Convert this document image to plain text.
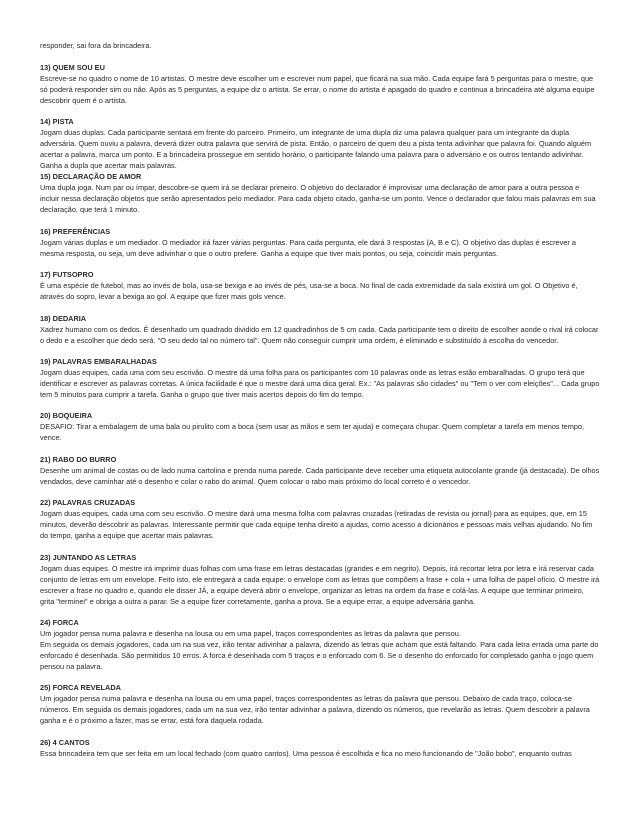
responder, sai fora da brincadeira.

13) QUEM SOU EU

Escreve-se no quadro o nome de 10 artistas. O mestre deve escolher um e escrever num papel, que ficará na sua mão. Cada equipe fará 5 perguntas para o mestre, que só poderá responder sim ou não. Após as 5 perguntas, a equipe diz o artista. Se errar, o nome do artista é apagado do quadro e continua a brincadeira até alguma equipe descobrir quem é o artista.

14) PISTA

Jogam duas duplas. Cada participante sentará em frente do parceiro. Primeiro, um integrante de uma dupla diz uma palavra qualquer para um integrante da dupla adversária. Quem ouviu a palavra, deverá dizer outra palavra que servirá de pista. Então, o parceiro de quem deu a pista tenta adivinhar que palavra foi. Quando alguém acertar a palavra, marca um ponto. E a brincadeira prossegue em sentido horário, o participante falando uma palavra para o adversário e os outros tentando adivinhar. Ganha a dupla que acertar mais palavras.

15) DECLARAÇÃO DE AMOR

Uma dupla joga. Num par ou ímpar, descobre-se quem irá se declarar primeiro. O objetivo do declarador é improvisar uma declaração de amor para a outra pessoa e incluir nessa declaração objetos que serão apresentados pelo mediador. Para cada objeto citado, ganha-se um ponto. Vence o declarador que falou mais palavras em sua declaração, que terá 1 minuto.

16) PREFERÊNCIAS

Jogam várias duplas e um mediador. O mediador irá fazer várias perguntas. Para cada pergunta, ele dará 3 respostas (A, B e C). O objetivo das duplas é escrever a mesma resposta, ou seja, um deve adivinhar o que o outro prefere. Ganha a equipe que tiver mais pontos, ou seja, coincidir mais perguntas.

17) FUTSOPRO

É uma espécie de futebol, mas ao invés de bola, usa-se bexiga e ao invés de pés, usa-se a boca. No final de cada extremidade da sala existirá um gol. O Objetivo é, através do sopro, levar a bexiga ao gol. A equipe que fizer mais gols vence.

18) DEDARIA

Xadrez humano com os dedos. É desenhado um quadrado dividido em 12 quadradinhos de 5 cm cada. Cada participante tem o direito de escolher aonde o rival irá colocar o dedo e a escolher que dedo será. "O seu dedo tal no número tal". Quem não conseguir cumprir uma ordem, é eliminado e substituído à escolha do vencedor.

19) PALAVRAS EMBARALHADAS

Jogam duas equipes, cada uma com seu escrivão. O mestre dá uma folha para os participantes com 10 palavras onde as letras estão embaralhadas. O grupo terá que identificar e escrever as palavras corretas. A única facilidade é que o mestre dará uma dica geral. Ex.: "As palavras são cidades" ou "Tem o ver com eleições"... Cada grupo tem 5 minutos para cumprir a tarefa. Ganha o grupo que tiver mais acertos depois do fim do tempo.

20) BOQUEIRA

DESAFIO: Tirar a embalagem de uma bala ou pirulito com a boca (sem usar as mãos e sem ter ajuda) e começara chupar. Quem completar a tarefa em menos tempo, vence.

21) RABO DO BURRO

Desenhe um animal de costas ou de lado numa cartolina e prenda numa parede. Cada participante deve receber uma etiqueta autocolante grande (já destacada). De olhos vendados, deve caminhar até o desenho e colar o rabo do animal. Quem colocar o rabo mais próximo do local correto é o vencedor.

22) PALAVRAS CRUZADAS

Jogam duas equipes, cada uma com seu escrivão. O mestre dará uma mesma folha com palavras cruzadas (retiradas de revista ou jornal) para as equipes, que, em 15 minutos, deverão descobrir as palavras. Interessante permitir que cada equipe tenha direito a ajudas, como acesso a dicionários e pessoas mais velhas ajudando. No fim do tempo, ganha a equipe que acertar mais palavras.

23) JUNTANDO AS LETRAS

Jogam duas equipes. O mestre irá imprimir duas folhas com uma frase em letras destacadas (grandes e em negrito). Depois, irá recortar letra por letra e irá reservar cada conjunto de letras em um envelope. Feito isto, ele entregará a cada equipe: o envelope com as letras que compõem a frase + cola + uma folha de papel ofício. O mestre irá escrever a frase no quadro e, quando ele disser JÁ, a equipe deverá abrir o envelope, organizar as letras na ordem da frase e colá-las. A equipe que terminar primeiro, grita "terminei" e obriga a outra a parar. Se a equipe fizer corretamente, ganha a prova. Se a equipe errar, a equipe adversária ganha.

24) FORCA

Um jogador pensa numa palavra e desenha na lousa ou em uma papel, traços correspondentes as letras da palavra que pensou.

Em seguida os demais jogadores, cada um na sua vez, irão tentar adivinhar a palavra, dizendo as letras que acham que está faltando. Para cada letra errada uma parte do enforcado é desenhada. São permitidos 10 erros. A forca é desenhada com 5 traços e o enforcado com 6. Se o desenho do enforcado for completado ganha o jogo quem pensou na palavra.

25) FORCA REVELADA

Um jogador pensa numa palavra e desenha na lousa ou em uma papel, traços correspondentes as letras da palavra que pensou. Debaixo de cada traço, coloca-se números. Em seguida os demais jogadores, cada um na sua vez, irão tentar adivinhar a palavra, dizendo os números, que revelarão as letras. Quem descobrir a palavra ganha e é o próximo a fazer, mas se errar, está fora daquela rodada.

26) 4 CANTOS

Essa brincadeira tem que ser feita em um local fechado (com quatro cantos). Uma pessoa é escolhida e fica no meio funcionando de "João bobo", enquanto outras
